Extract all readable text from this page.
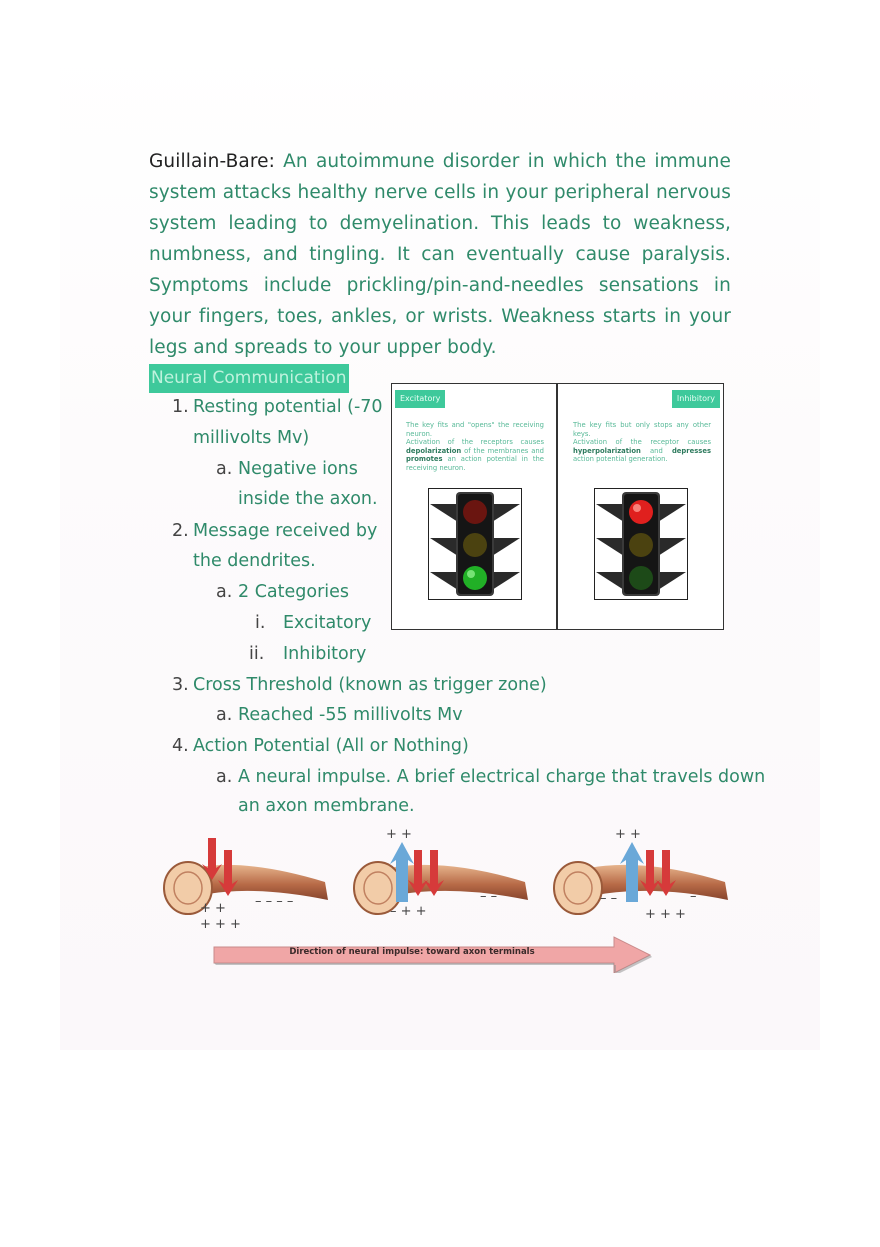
Guillain-Bare: An autoimmune disorder in which the immune system attacks healthy nerve cells in your peripheral nervous system leading to demyelination. This leads to weakness, numbness, and tingling. It can eventually cause paralysis. Symptoms include prickling/pin-and-needles sensations in your fingers, toes, ankles, or wrists. Weakness starts in your legs and spreads to your upper body.

Neural Communication
1. Resting potential (-70
millivolts Mv)
a. Negative ions
inside the axon.
2. Message received by
the dendrites.
a. 2 Categories
i. Excitatory
ii. Inhibitory
3. Cross Threshold (known as trigger zone)
a. Reached -55 millivolts Mv
4. Action Potential (All or Nothing)
a. A neural impulse. A brief electrical charge that travels down
an axon membrane.
Excitatory	Inhibitory
The key fits and "opens" the receiving neuron.
Activation of the receptors causes depolarization of the membranes and promotes an action potential in the receiving neuron.
The key fits but only stops any other keys.
Activation of the receptor causes hyperpolarization and depresses action potential generation.
+ +
+ + +
– – – –
+ +
– + +
– –
+ +
– –
+ + +
–
Direction of neural impulse: toward axon terminals
